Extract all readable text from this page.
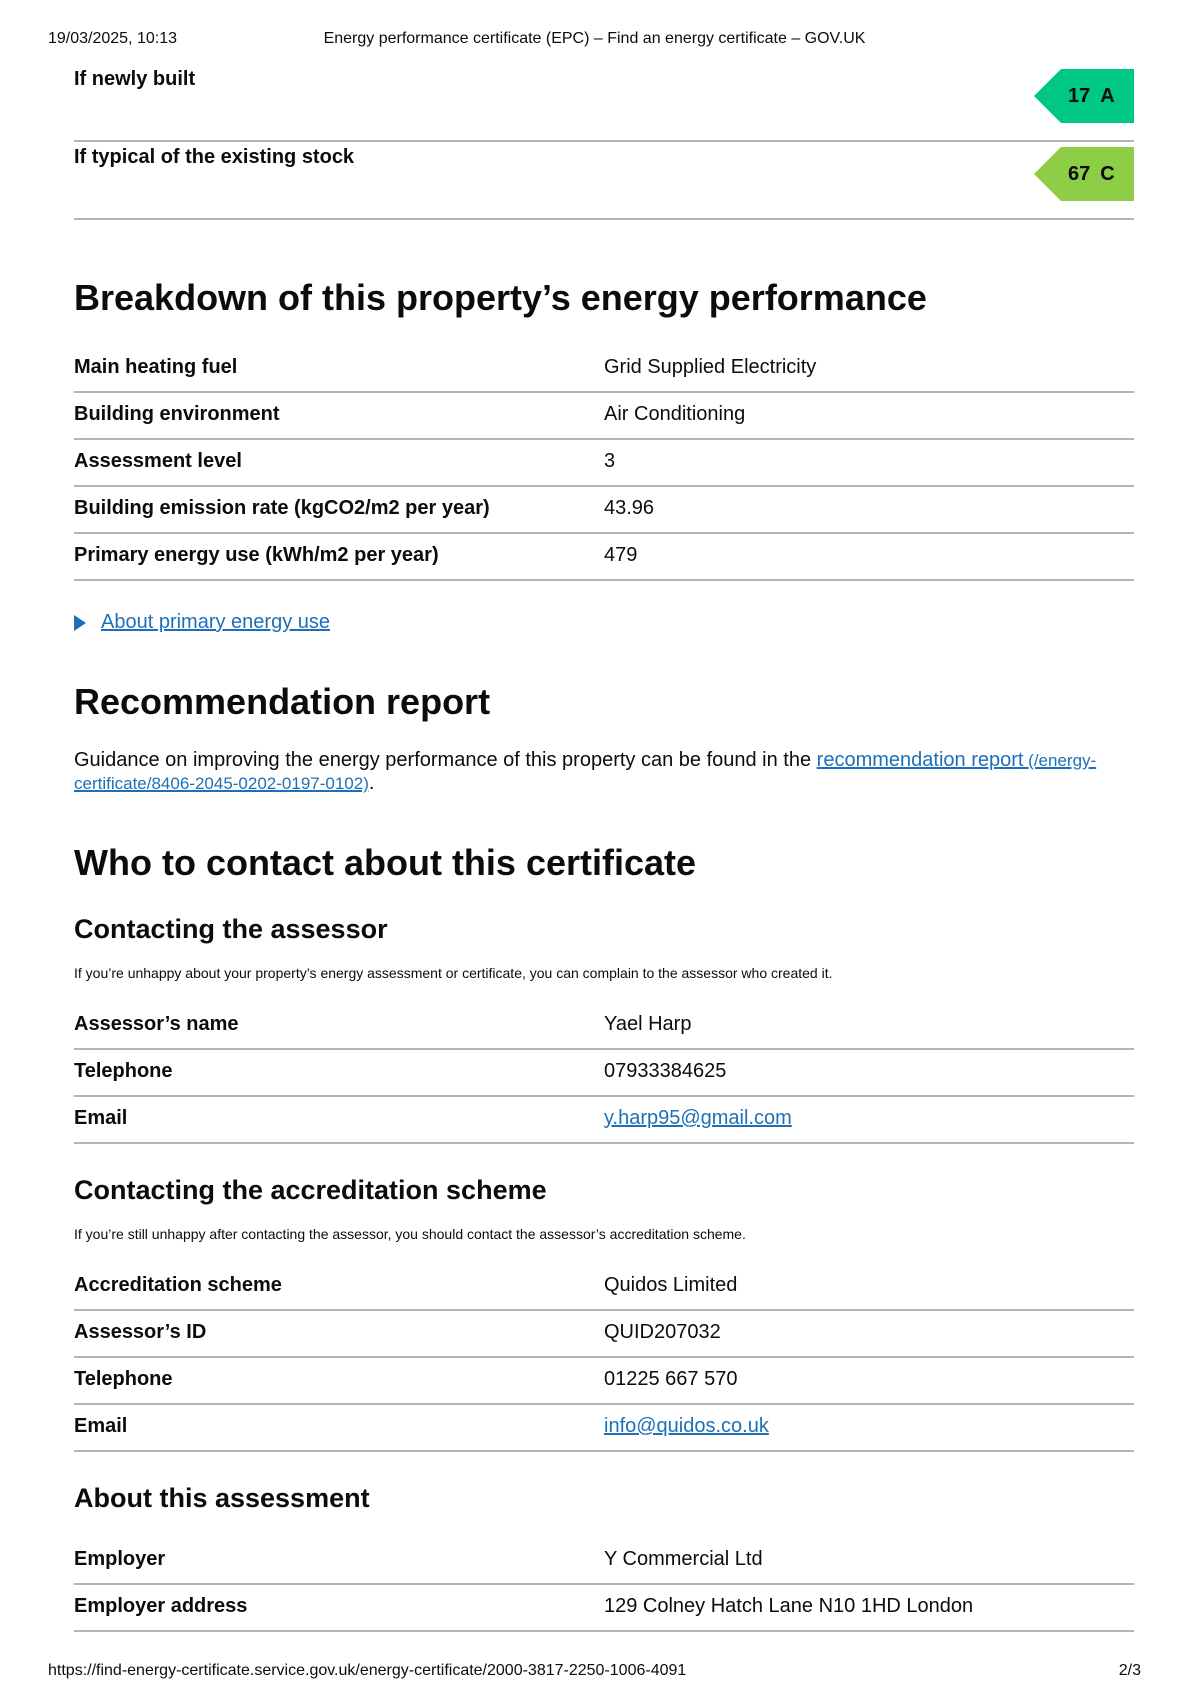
19/03/2025, 10:13	Energy performance certificate (EPC) – Find an energy certificate – GOV.UK
If newly built
17 A
If typical of the existing stock
67 C
Breakdown of this property’s energy performance
Main heating fuel	Grid Supplied Electricity
Building environment	Air Conditioning
Assessment level	3
Building emission rate (kgCO2/m2 per year)	43.96
Primary energy use (kWh/m2 per year)	479
About primary energy use
Recommendation report

Guidance on improving the energy performance of this property can be found in the recommendation report (/energy- certificate/8406-2045-0202-0197-0102).

Who to contact about this certificate
Contacting the assessor

If you’re unhappy about your property’s energy assessment or certificate, you can complain to the assessor who created it.

Assessor’s name	Yael Harp
Telephone	07933384625
Email	y.harp95@gmail.com
Contacting the accreditation scheme

If you’re still unhappy after contacting the assessor, you should contact the assessor’s accreditation scheme.

Accreditation scheme	Quidos Limited
Assessor’s ID	QUID207032
Telephone	01225 667 570
Email	info@quidos.co.uk
About this assessment
Employer	Y Commercial Ltd
Employer address	129 Colney Hatch Lane N10 1HD London
https://find-energy-certificate.service.gov.uk/energy-certificate/2000-3817-2250-1006-4091	2/3
